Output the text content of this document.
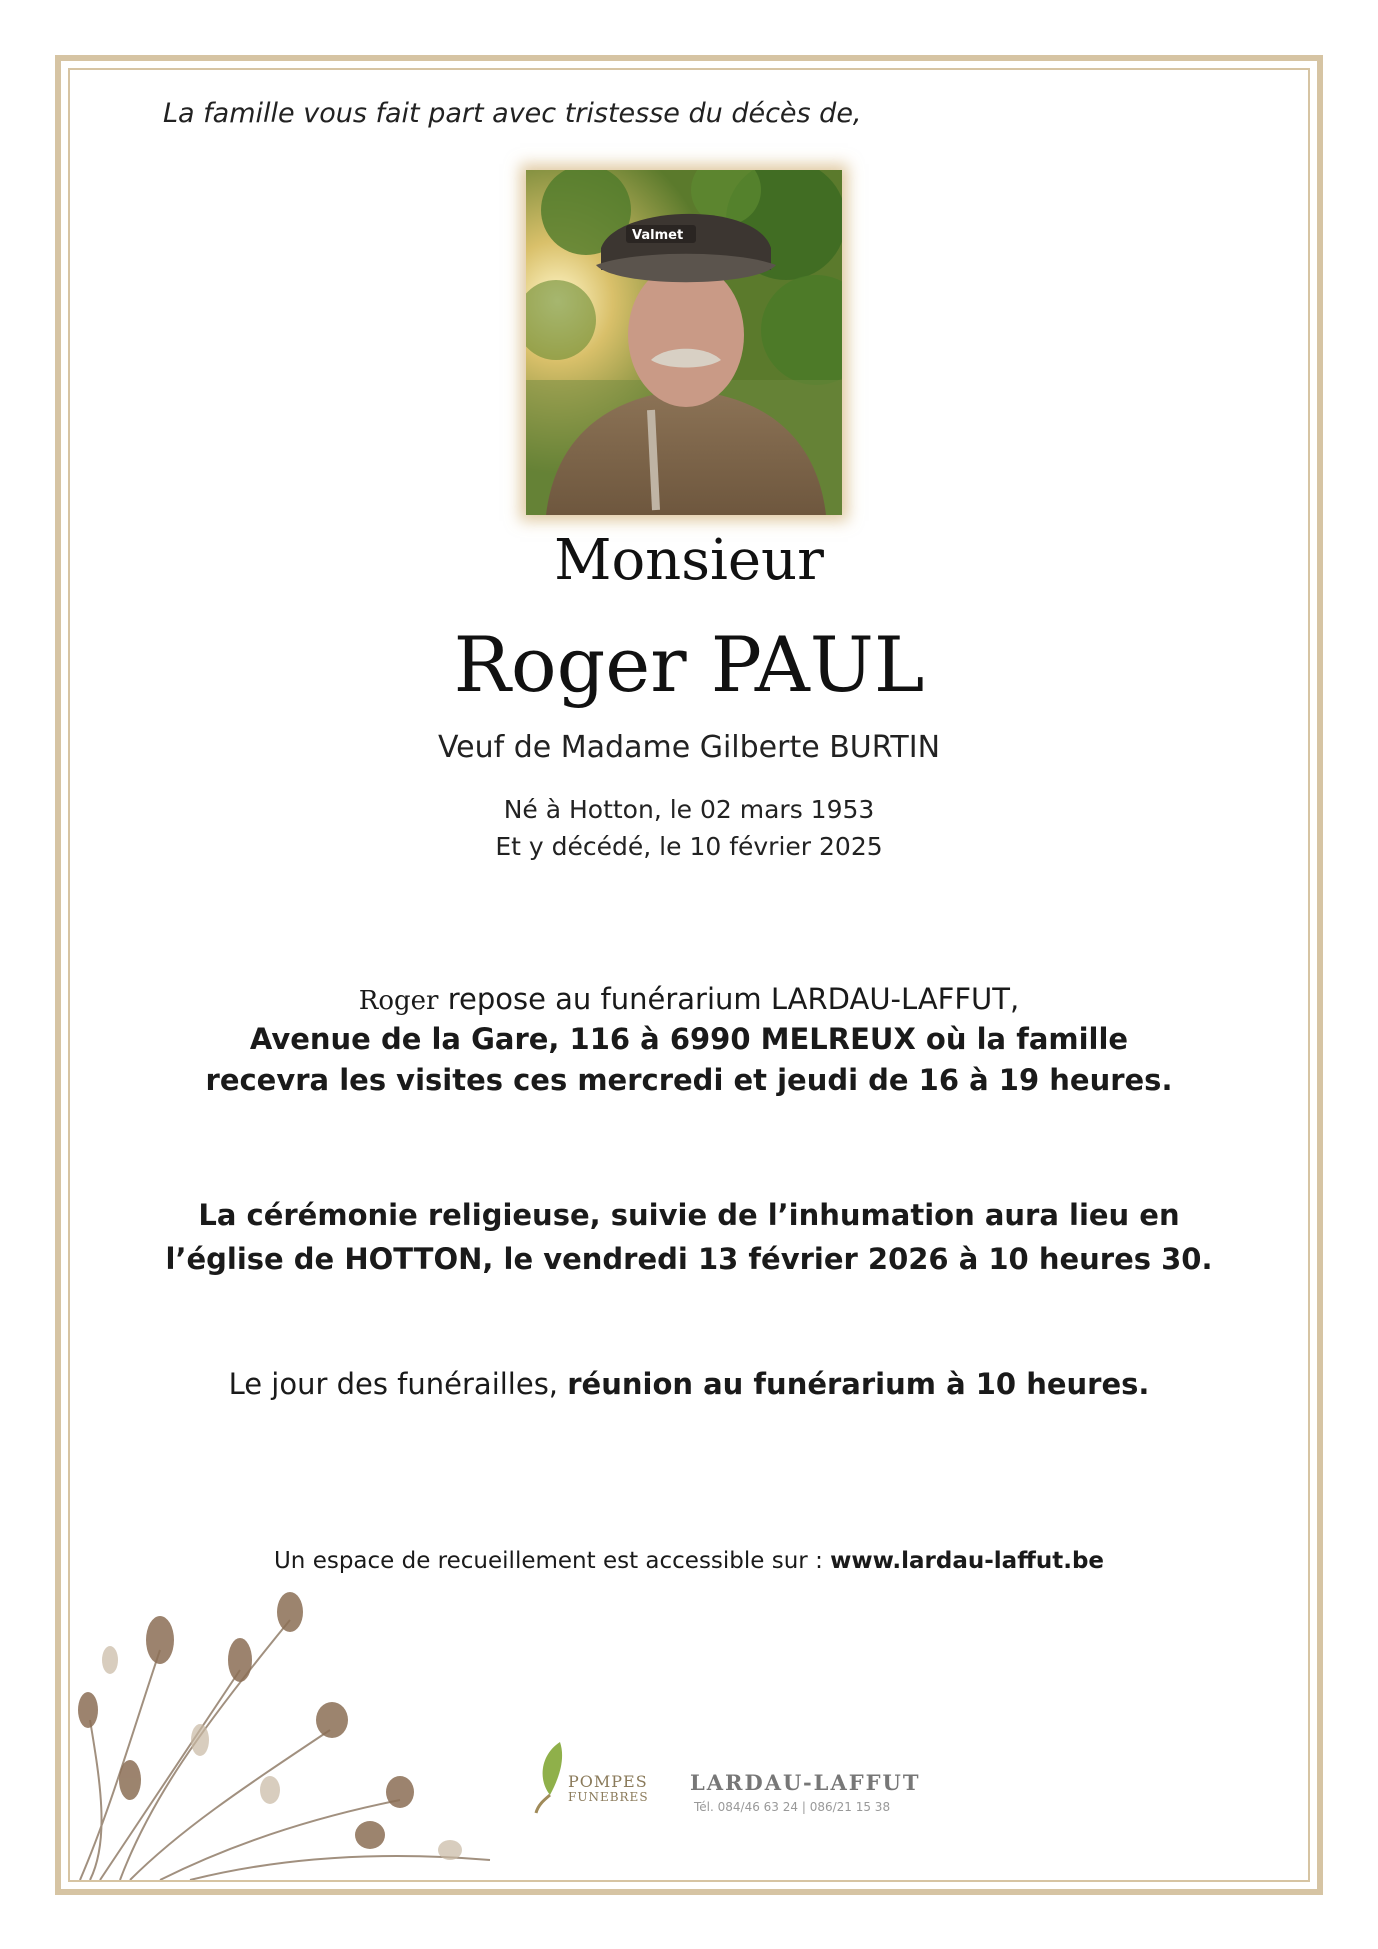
La famille vous fait part avec tristesse du décès de,
Valmet
Monsieur
Roger PAUL
Veuf de Madame Gilberte BURTIN
Né à Hotton, le 02 mars 1953
Et y décédé, le 10 février 2025
Roger repose au funérarium LARDAU-LAFFUT,
Avenue de la Gare, 116 à 6990 MELREUX où la famille
recevra les visites ces mercredi et jeudi de 16 à 19 heures.
La cérémonie religieuse, suivie de l’inhumation aura lieu en
l’église de HOTTON, le vendredi 13 février 2026 à 10 heures 30.
Le jour des funérailles, réunion au funérarium à 10 heures.
Un espace de recueillement est accessible sur : www.lardau-laffut.be
POMPES
FUNEBRES
LARDAU-LAFFUT
Tél. 084/46 63 24 | 086/21 15 38
